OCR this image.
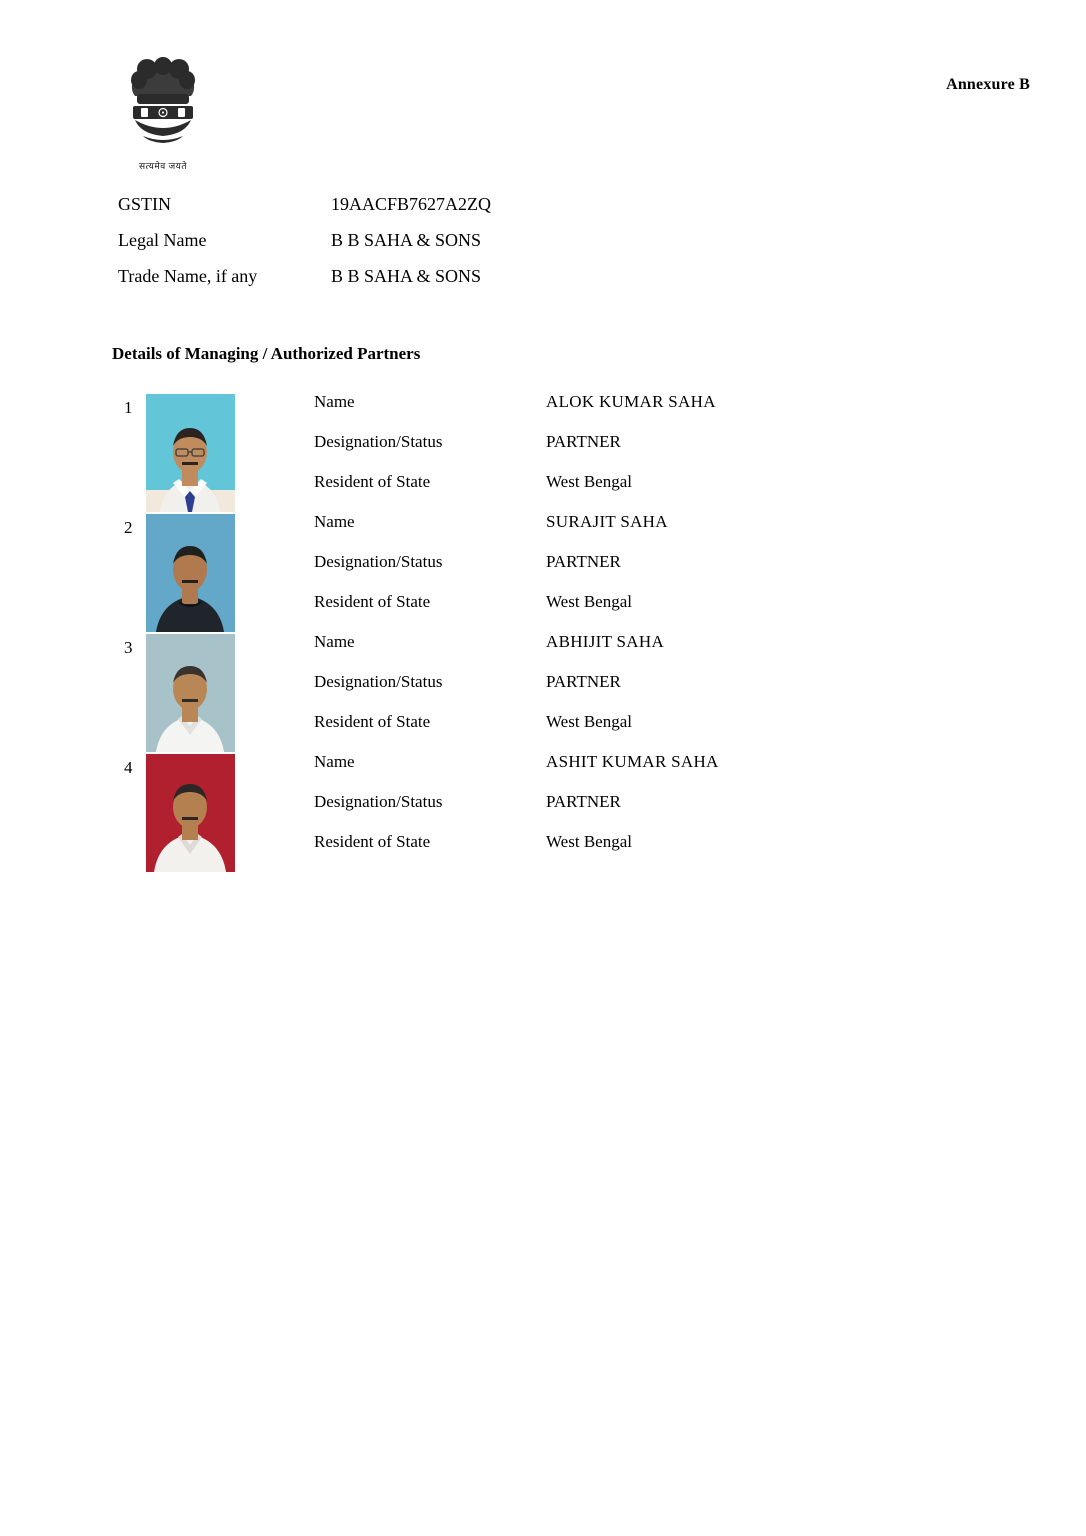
Annexure B
सत्यमेव जयते
GSTIN	19AACFB7627A2ZQ
Legal Name	B B SAHA & SONS
Trade Name, if any	B B SAHA & SONS
Details of Managing / Authorized Partners
1	Name	ALOK KUMAR SAHA
Designation/Status	PARTNER
Resident of State	West Bengal
2	Name	SURAJIT SAHA
Designation/Status	PARTNER
Resident of State	West Bengal
3	Name	ABHIJIT SAHA
Designation/Status	PARTNER
Resident of State	West Bengal
4	Name	ASHIT KUMAR SAHA
Designation/Status	PARTNER
Resident of State	West Bengal
